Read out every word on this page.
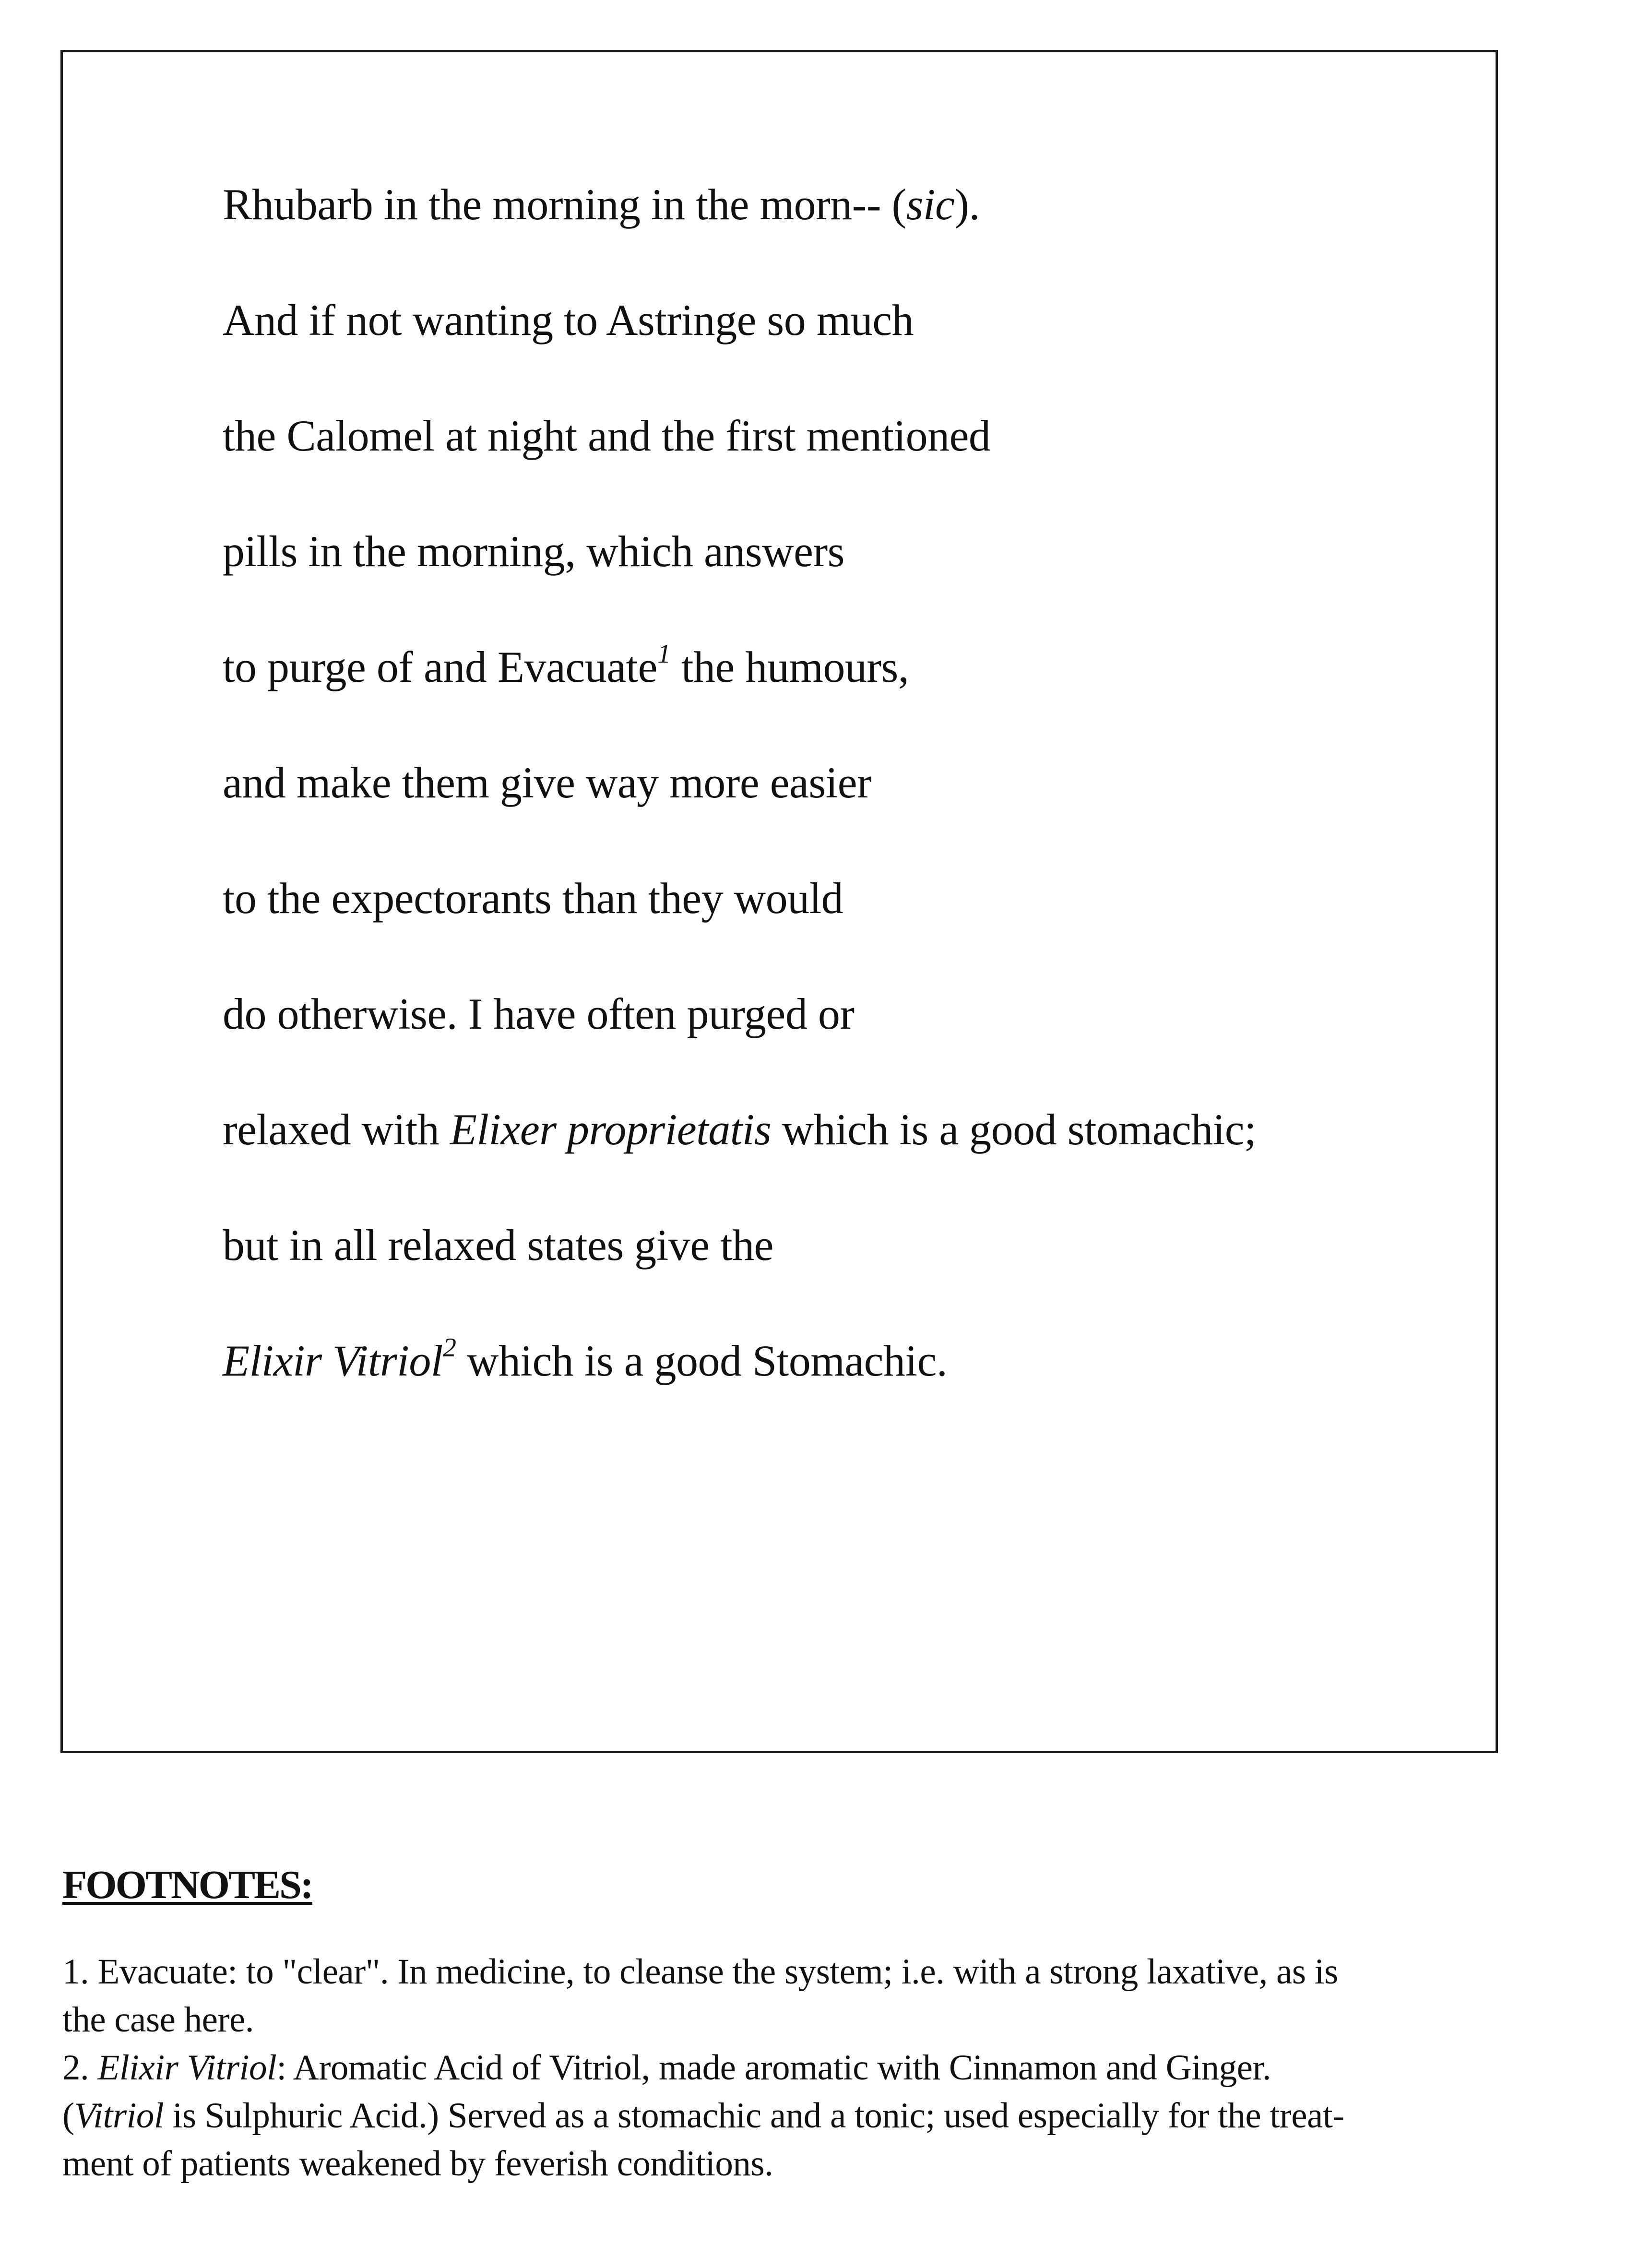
Rhubarb in the morning in the morn-- (sic).
And if not wanting to Astringe so much
the Calomel at night and the first mentioned
pills in the morning, which answers
to purge of and Evacuate$^1$ the humours,
and make them give way more easier
to the expectorants than they would
do otherwise. I have often purged or
relaxed with Elixer proprietatis which is a good stomachic;
but in all relaxed states give the
Elixir Vitriol$^2$ which is a good Stomachic.
FOOTNOTES:
1. Evacuate: to "clear". In medicine, to cleanse the system; i.e. with a strong laxative, as is
the case here.
2. Elixir Vitriol: Aromatic Acid of Vitriol, made aromatic with Cinnamon and Ginger.
(Vitriol is Sulphuric Acid.) Served as a stomachic and a tonic; used especially for the treat-
ment of patients weakened by feverish conditions.
